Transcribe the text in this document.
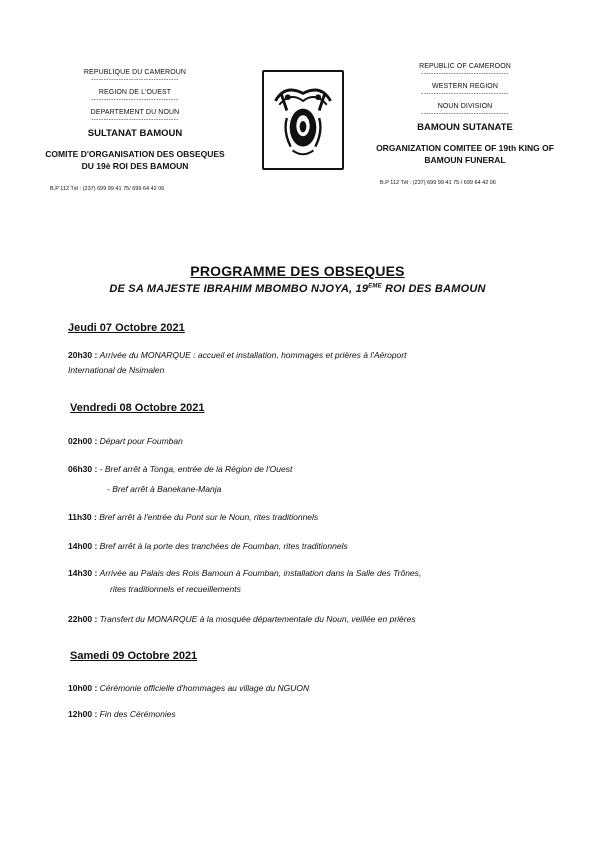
REPUBLIQUE DU CAMEROUN
-----------------------------------
REGION DE L'OUEST
-----------------------------------
DEPARTEMENT DU NOUN
-----------------------------------
SULTANAT BAMOUN
COMITE D'ORGANISATION DES OBSEQUES DU 19è ROI DES BAMOUN
B.P 112 Tél : (237) 699 99 41 75/ 699 64 42 06
REPUBLIC OF CAMEROON
-----------------------------------
WESTERN REGION
-----------------------------------
NOUN DIVISION
-----------------------------------
BAMOUN SUTANATE
ORGANIZATION COMITEE OF 19th KING OF BAMOUN FUNERAL
B.P 112 Tél : (237) 699 99 41 75 / 699 64 42 06
PROGRAMME DES OBSEQUES
DE SA MAJESTE IBRAHIM MBOMBO NJOYA, 19EME ROI DES BAMOUN
Jeudi 07 Octobre 2021
20h30 : Arrivée du MONARQUE : accueil et installation, hommages et prières à l'Aéroport
International de Nsimalen
Vendredi 08 Octobre 2021
02h00 : Départ pour Foumban
06h30 : - Bref arrêt à Tonga, entrée de la Région de l'Ouest
- Bref arrêt à Banekane-Manja
11h30 : Bref arrêt à l'entrée du Pont sur le Noun, rites traditionnels
14h00 : Bref arrêt à la porte des tranchées de Foumban, rites traditionnels
14h30 : Arrivée au Palais des Rois Bamoun à Foumban, installation dans la Salle des Trônes,
rites traditionnels et recueillements
22h00 : Transfert du MONARQUE à la mosquée départementale du Noun, veillée en prières
Samedi 09 Octobre 2021
10h00 : Cérémonie officielle d'hommages au village du NGUON
12h00 : Fin des Cérémonies
